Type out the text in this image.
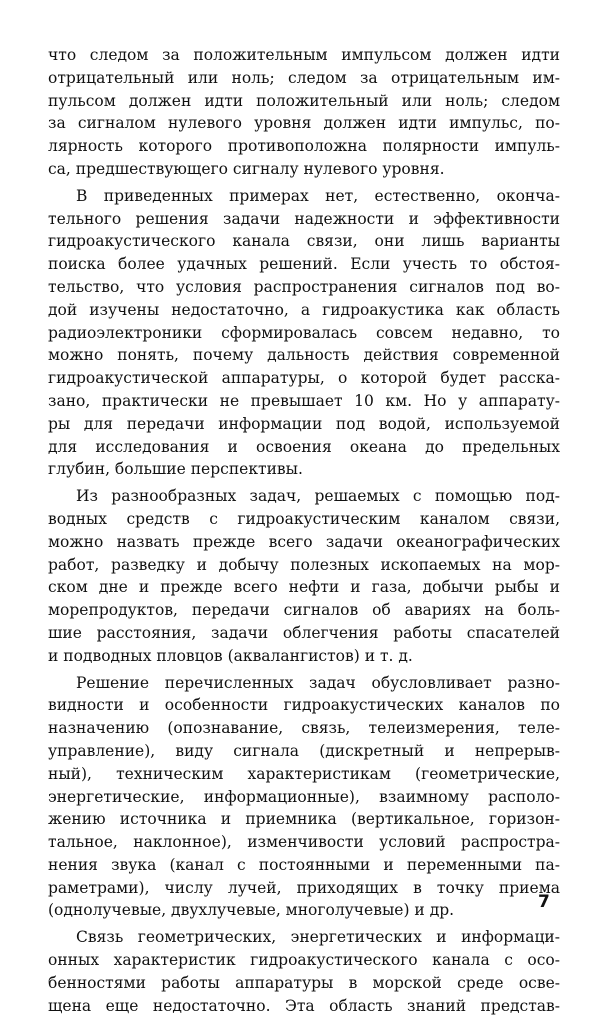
что следом за положительным импульсом должен идти
отрицательный или ноль; следом за отрицательным им-
пульсом должен идти положительный или ноль; следом
за сигналом нулевого уровня должен идти импульс, по-
лярность которого противоположна полярности импуль-
са, предшествующего сигналу нулевого уровня.
В приведенных примерах нет, естественно, оконча-
тельного решения задачи надежности и эффективности
гидроакустического канала связи, они лишь варианты
поиска более удачных решений. Если учесть то обстоя-
тельство, что условия распространения сигналов под во-
дой изучены недостаточно, а гидроакустика как область
радиоэлектроники сформировалась совсем недавно, то
можно понять, почему дальность действия современной
гидроакустической аппаратуры, о которой будет расска-
зано, практически не превышает 10 км. Но у аппарату-
ры для передачи информации под водой, используемой
для исследования и освоения океана до предельных
глубин, большие перспективы.
Из разнообразных задач, решаемых с помощью под-
водных средств с гидроакустическим каналом связи,
можно назвать прежде всего задачи океанографических
работ, разведку и добычу полезных ископаемых на мор-
ском дне и прежде всего нефти и газа, добычи рыбы и
морепродуктов, передачи сигналов об авариях на боль-
шие расстояния, задачи облегчения работы спасателей
и подводных пловцов (аквалангистов) и т. д.
Решение перечисленных задач обусловливает разно-
видности и особенности гидроакустических каналов по
назначению (опознавание, связь, телеизмерения, теле-
управление), виду сигнала (дискретный и непрерыв-
ный), техническим характеристикам (геометрические,
энергетические, информационные), взаимному располо-
жению источника и приемника (вертикальное, горизон-
тальное, наклонное), изменчивости условий распростра-
нения звука (канал с постоянными и переменными па-
раметрами), числу лучей, приходящих в точку приема
(однолучевые, двухлучевые, многолучевые) и др.
Связь геометрических, энергетических и информаци-
онных характеристик гидроакустического канала с осо-
бенностями работы аппаратуры в морской среде осве-
щена еще недостаточно. Эта область знаний представ-
7
